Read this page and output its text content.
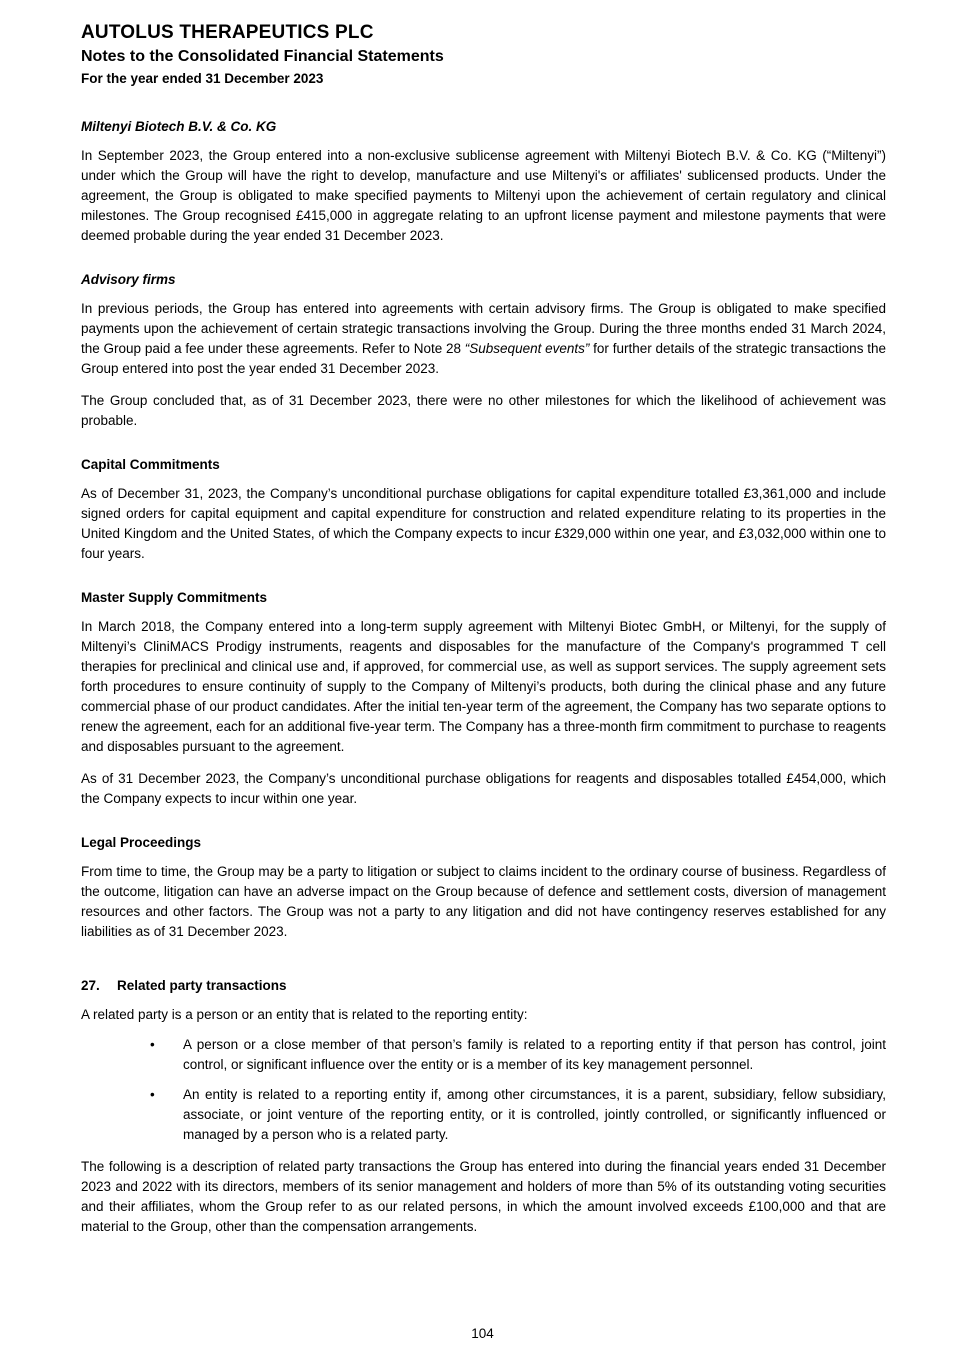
AUTOLUS THERAPEUTICS PLC
Notes to the Consolidated Financial Statements
For the year ended 31 December 2023
Miltenyi Biotech B.V. & Co. KG

In September 2023, the Group entered into a non-exclusive sublicense agreement with Miltenyi Biotech B.V. & Co. KG (“Miltenyi”) under which the Group will have the right to develop, manufacture and use Miltenyi's or affiliates' sublicensed products. Under the agreement, the Group is obligated to make specified payments to Miltenyi upon the achievement of certain regulatory and clinical milestones. The Group recognised £415,000 in aggregate relating to an upfront license payment and milestone payments that were deemed probable during the year ended 31 December 2023.

Advisory firms

In previous periods, the Group has entered into agreements with certain advisory firms. The Group is obligated to make specified payments upon the achievement of certain strategic transactions involving the Group. During the three months ended 31 March 2024, the Group paid a fee under these agreements. Refer to Note 28 “Subsequent events” for further details of the strategic transactions the Group entered into post the year ended 31 December 2023.

The Group concluded that, as of 31 December 2023, there were no other milestones for which the likelihood of achievement was probable.

Capital Commitments

As of December 31, 2023, the Company’s unconditional purchase obligations for capital expenditure totalled £3,361,000 and include signed orders for capital equipment and capital expenditure for construction and related expenditure relating to its properties in the United Kingdom and the United States, of which the Company expects to incur £329,000 within one year, and £3,032,000 within one to four years.

Master Supply Commitments

In March 2018, the Company entered into a long-term supply agreement with Miltenyi Biotec GmbH, or Miltenyi, for the supply of Miltenyi’s CliniMACS Prodigy instruments, reagents and disposables for the manufacture of the Company's programmed T cell therapies for preclinical and clinical use and, if approved, for commercial use, as well as support services. The supply agreement sets forth procedures to ensure continuity of supply to the Company of Miltenyi’s products, both during the clinical phase and any future commercial phase of our product candidates. After the initial ten-year term of the agreement, the Company has two separate options to renew the agreement, each for an additional five-year term. The Company has a three-month firm commitment to purchase to reagents and disposables pursuant to the agreement.

As of 31 December 2023, the Company’s unconditional purchase obligations for reagents and disposables totalled £454,000, which the Company expects to incur within one year.

Legal Proceedings

From time to time, the Group may be a party to litigation or subject to claims incident to the ordinary course of business. Regardless of the outcome, litigation can have an adverse impact on the Group because of defence and settlement costs, diversion of management resources and other factors. The Group was not a party to any litigation and did not have contingency reserves established for any liabilities as of 31 December 2023.

27. Related party transactions

A related party is a person or an entity that is related to the reporting entity:

• A person or a close member of that person’s family is related to a reporting entity if that person has control, joint control, or significant influence over the entity or is a member of its key management personnel.
• An entity is related to a reporting entity if, among other circumstances, it is a parent, subsidiary, fellow subsidiary, associate, or joint venture of the reporting entity, or it is controlled, jointly controlled, or significantly influenced or managed by a person who is a related party.

The following is a description of related party transactions the Group has entered into during the financial years ended 31 December 2023 and 2022 with its directors, members of its senior management and holders of more than 5% of its outstanding voting securities and their affiliates, whom the Group refer to as our related persons, in which the amount involved exceeds £100,000 and that are material to the Group, other than the compensation arrangements.

104
